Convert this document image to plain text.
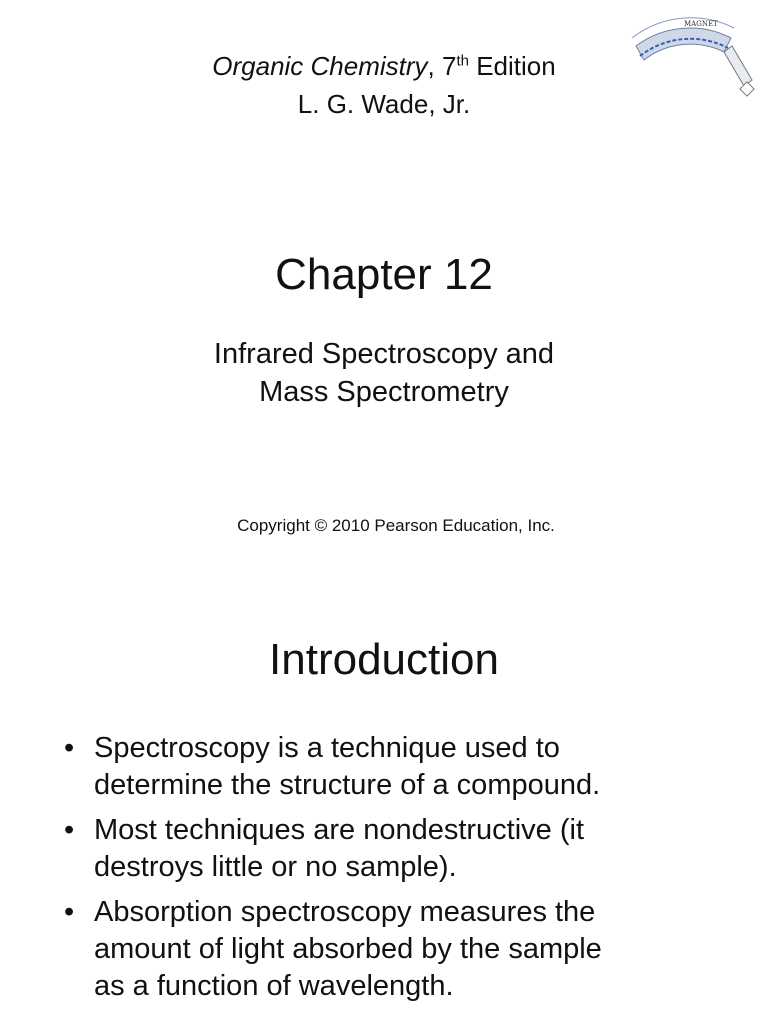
Organic Chemistry, 7th Edition
L. G. Wade, Jr.
MAGNET
Chapter 12
Infrared Spectroscopy and
Mass Spectrometry
Copyright © 2010 Pearson Education, Inc.
Introduction
• Spectroscopy is a technique used to
determine the structure of a compound.
• Most techniques are nondestructive (it
destroys little or no sample).
• Absorption spectroscopy measures the
amount of light absorbed by the sample
as a function of wavelength.
